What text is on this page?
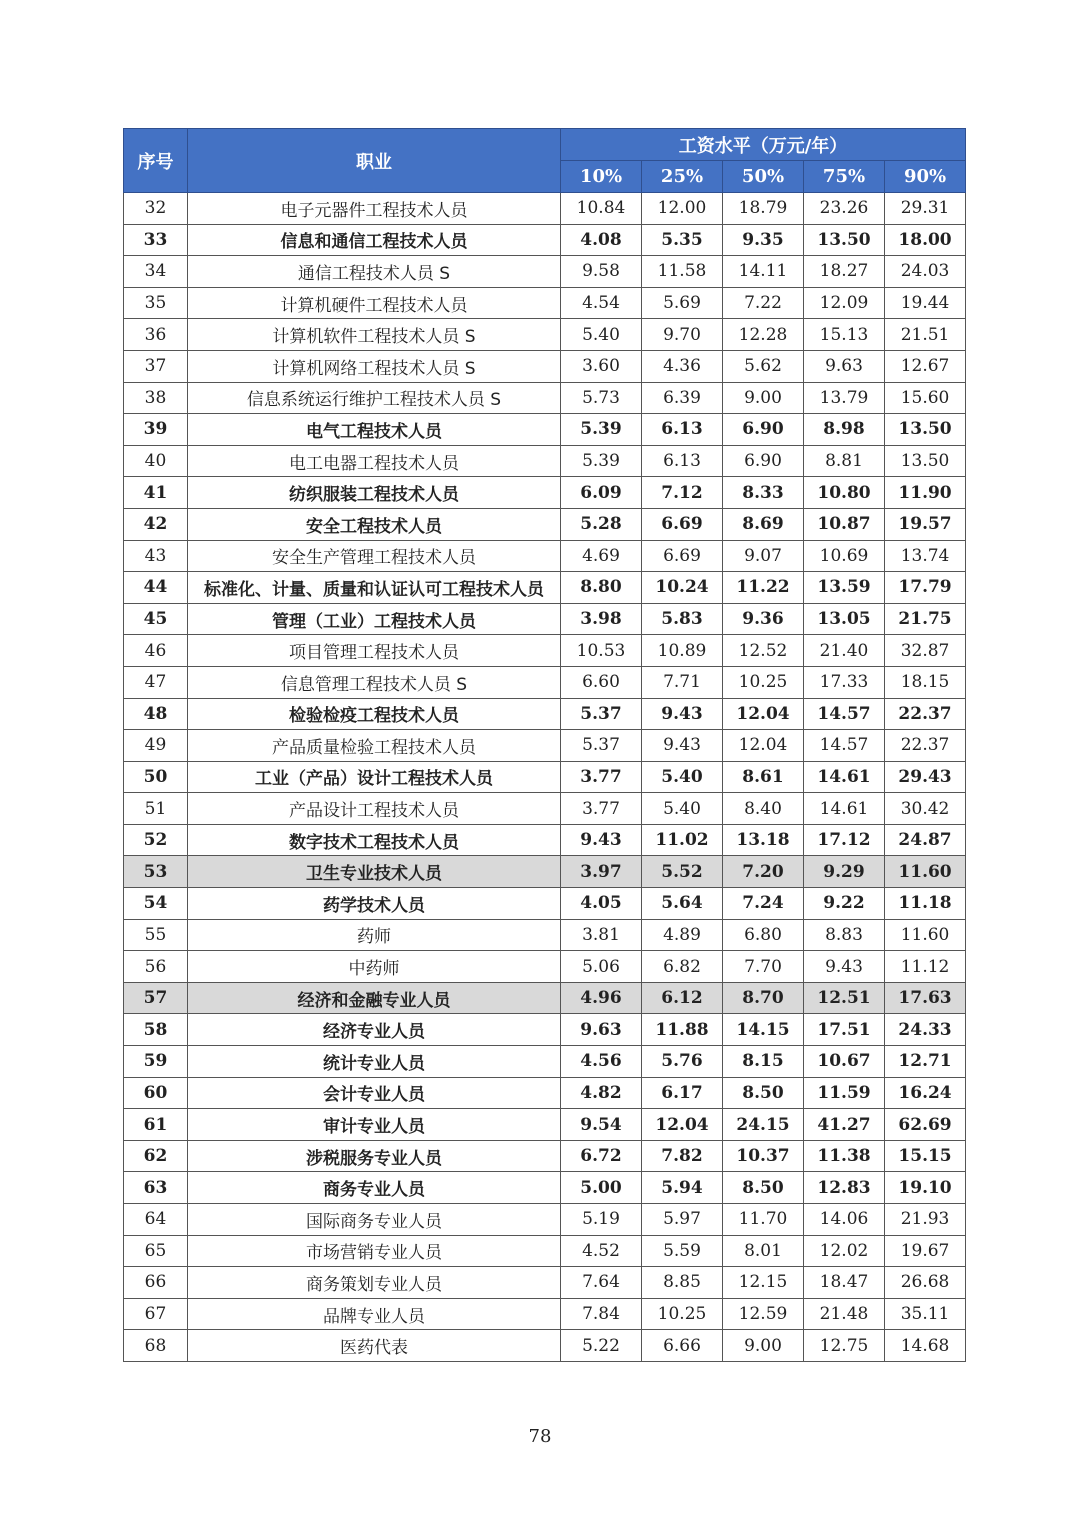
序号	职业	工资水平（万元/年）				
		10%	25%	50%	75%	90%
32	电子元器件工程技术人员	10.84	12.00	18.79	23.26	29.31
33	信息和通信工程技术人员	4.08	5.35	9.35	13.50	18.00
34	通信工程技术人员 S	9.58	11.58	14.11	18.27	24.03
35	计算机硬件工程技术人员	4.54	5.69	7.22	12.09	19.44
36	计算机软件工程技术人员 S	5.40	9.70	12.28	15.13	21.51
37	计算机网络工程技术人员 S	3.60	4.36	5.62	9.63	12.67
38	信息系统运行维护工程技术人员 S	5.73	6.39	9.00	13.79	15.60
39	电气工程技术人员	5.39	6.13	6.90	8.98	13.50
40	电工电器工程技术人员	5.39	6.13	6.90	8.81	13.50
41	纺织服装工程技术人员	6.09	7.12	8.33	10.80	11.90
42	安全工程技术人员	5.28	6.69	8.69	10.87	19.57
43	安全生产管理工程技术人员	4.69	6.69	9.07	10.69	13.74
44	标准化、计量、质量和认证认可工程技术人员	8.80	10.24	11.22	13.59	17.79
45	管理（工业）工程技术人员	3.98	5.83	9.36	13.05	21.75
46	项目管理工程技术人员	10.53	10.89	12.52	21.40	32.87
47	信息管理工程技术人员 S	6.60	7.71	10.25	17.33	18.15
48	检验检疫工程技术人员	5.37	9.43	12.04	14.57	22.37
49	产品质量检验工程技术人员	5.37	9.43	12.04	14.57	22.37
50	工业（产品）设计工程技术人员	3.77	5.40	8.61	14.61	29.43
51	产品设计工程技术人员	3.77	5.40	8.40	14.61	30.42
52	数字技术工程技术人员	9.43	11.02	13.18	17.12	24.87
53	卫生专业技术人员	3.97	5.52	7.20	9.29	11.60
54	药学技术人员	4.05	5.64	7.24	9.22	11.18
55	药师	3.81	4.89	6.80	8.83	11.60
56	中药师	5.06	6.82	7.70	9.43	11.12
57	经济和金融专业人员	4.96	6.12	8.70	12.51	17.63
58	经济专业人员	9.63	11.88	14.15	17.51	24.33
59	统计专业人员	4.56	5.76	8.15	10.67	12.71
60	会计专业人员	4.82	6.17	8.50	11.59	16.24
61	审计专业人员	9.54	12.04	24.15	41.27	62.69
62	涉税服务专业人员	6.72	7.82	10.37	11.38	15.15
63	商务专业人员	5.00	5.94	8.50	12.83	19.10
64	国际商务专业人员	5.19	5.97	11.70	14.06	21.93
65	市场营销专业人员	4.52	5.59	8.01	12.02	19.67
66	商务策划专业人员	7.64	8.85	12.15	18.47	26.68
67	品牌专业人员	7.84	10.25	12.59	21.48	35.11
68	医药代表	5.22	6.66	9.00	12.75	14.68
78
